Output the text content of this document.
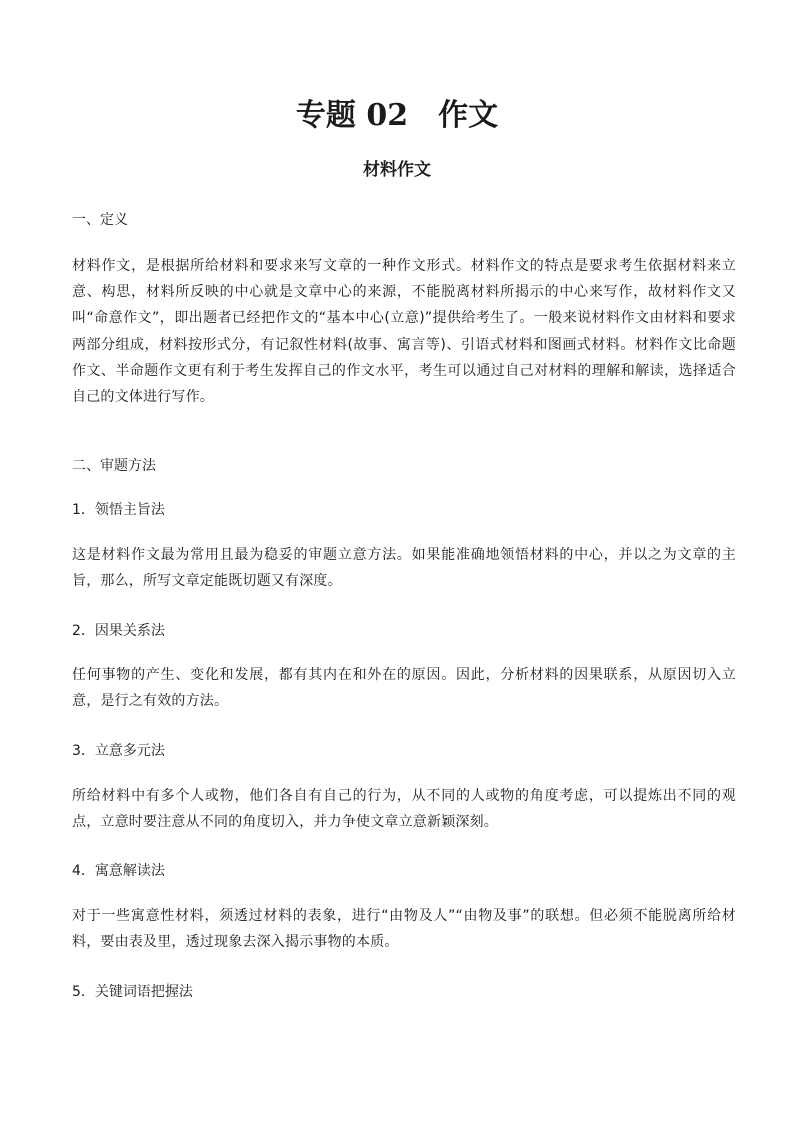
专题 02　作文
材料作文
一、定义
材料作文，是根据所给材料和要求来写文章的一种作文形式。材料作文的特点是要求考生依据材料来立意、构思，材料所反映的中心就是文章中心的来源，不能脱离材料所揭示的中心来写作，故材料作文又叫“命意作文”，即出题者已经把作文的“基本中心(立意)”提供给考生了。一般来说材料作文由材料和要求两部分组成，材料按形式分，有记叙性材料(故事、寓言等)、引语式材料和图画式材料。材料作文比命题作文、半命题作文更有利于考生发挥自己的作文水平，考生可以通过自己对材料的理解和解读，选择适合自己的文体进行写作。
二、审题方法
1．领悟主旨法
这是材料作文最为常用且最为稳妥的审题立意方法。如果能准确地领悟材料的中心，并以之为文章的主旨，那么，所写文章定能既切题又有深度。
2．因果关系法
任何事物的产生、变化和发展，都有其内在和外在的原因。因此，分析材料的因果联系，从原因切入立意，是行之有效的方法。
3．立意多元法
所给材料中有多个人或物，他们各自有自己的行为，从不同的人或物的角度考虑，可以提炼出不同的观点，立意时要注意从不同的角度切入，并力争使文章立意新颖深刻。
4．寓意解读法
对于一些寓意性材料，须透过材料的表象，进行“由物及人”“由物及事”的联想。但必须不能脱离所给材料，要由表及里，透过现象去深入揭示事物的本质。
5．关键词语把握法
